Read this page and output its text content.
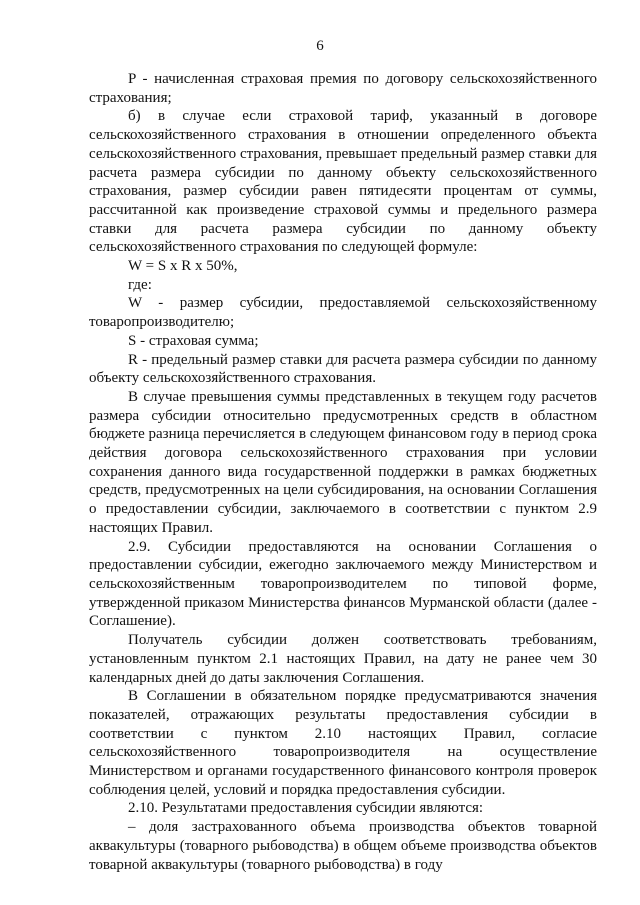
6

P - начисленная страховая премия по договору сельскохозяйственного страхования;

б) в случае если страховой тариф, указанный в договоре сельскохозяйственного страхования в отношении определенного объекта сельскохозяйственного страхования, превышает предельный размер ставки для расчета размера субсидии по данному объекту сельскохозяйственного страхования, размер субсидии равен пятидесяти процентам от суммы, рассчитанной как произведение страховой суммы и предельного размера ставки для расчета размера субсидии по данному объекту сельскохозяйственного страхования по следующей формуле:

W = S x R x 50%,

где:

W - размер субсидии, предоставляемой сельскохозяйственному товаропроизводителю;

S - страховая сумма;

R - предельный размер ставки для расчета размера субсидии по данному объекту сельскохозяйственного страхования.

В случае превышения суммы представленных в текущем году расчетов размера субсидии относительно предусмотренных средств в областном бюджете разница перечисляется в следующем финансовом году в период срока действия договора сельскохозяйственного страхования при условии сохранения данного вида государственной поддержки в рамках бюджетных средств, предусмотренных на цели субсидирования, на основании Соглашения о предоставлении субсидии, заключаемого в соответствии с пунктом 2.9 настоящих Правил.

2.9. Субсидии предоставляются на основании Соглашения о предоставлении субсидии, ежегодно заключаемого между Министерством и сельскохозяйственным товаропроизводителем по типовой форме, утвержденной приказом Министерства финансов Мурманской области (далее - Соглашение).

Получатель субсидии должен соответствовать требованиям, установленным пунктом 2.1 настоящих Правил, на дату не ранее чем 30 календарных дней до даты заключения Соглашения.

В Соглашении в обязательном порядке предусматриваются значения показателей, отражающих результаты предоставления субсидии в соответствии с пунктом 2.10 настоящих Правил, согласие сельскохозяйственного товаропроизводителя на осуществление Министерством и органами государственного финансового контроля проверок соблюдения целей, условий и порядка предоставления субсидии.

2.10. Результатами предоставления субсидии являются:

– доля застрахованного объема производства объектов товарной аквакультуры (товарного рыбоводства) в общем объеме производства объектов товарной аквакультуры (товарного рыбоводства) в году
